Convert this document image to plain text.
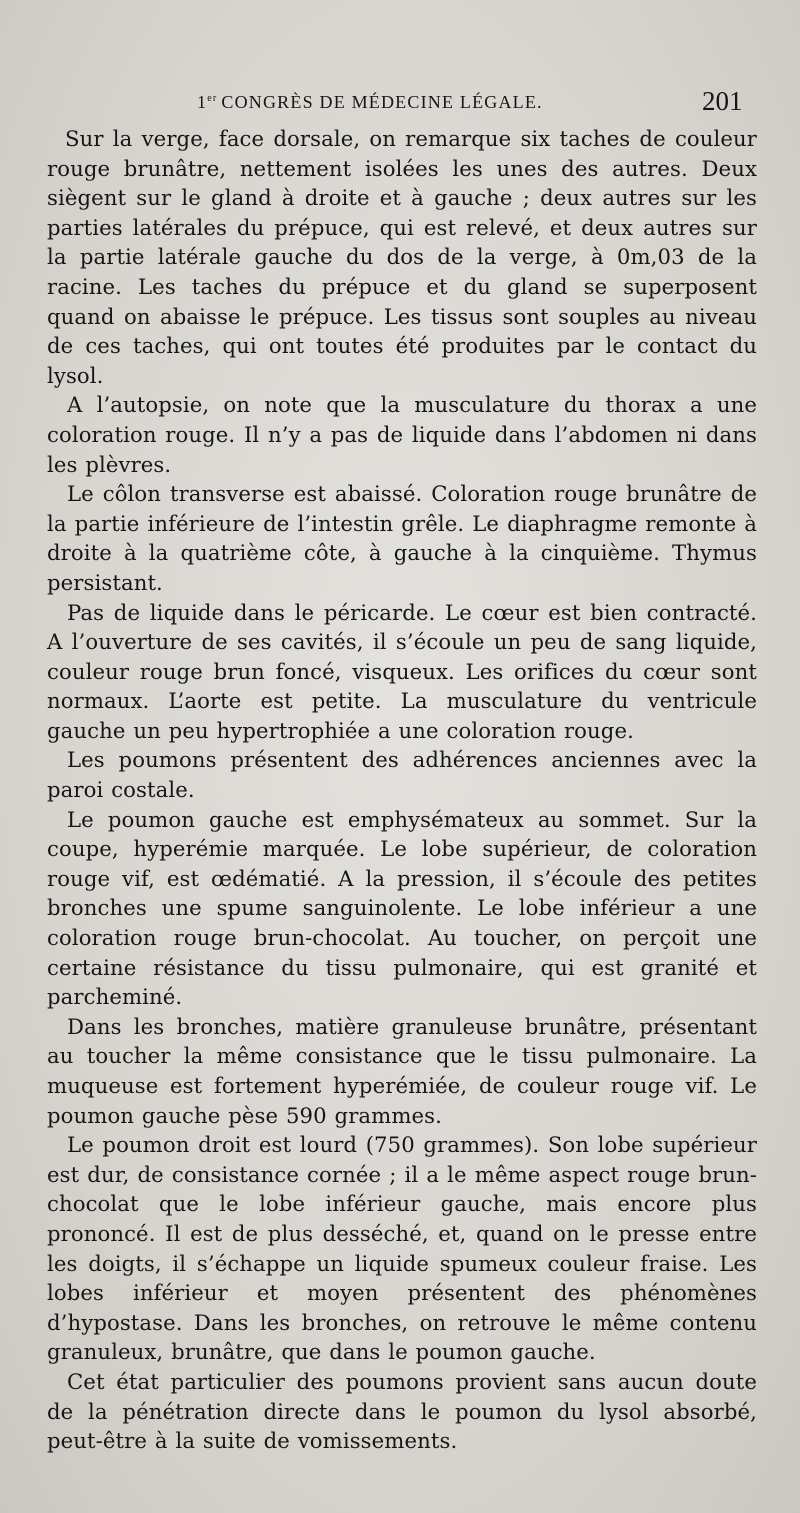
1er CONGRÈS DE MÉDECINE LÉGALE.	201

Sur la verge, face dorsale, on remarque six taches de couleur rouge brunâtre, nettement isolées les unes des autres. Deux siègent sur le gland à droite et à gauche ; deux autres sur les parties latérales du prépuce, qui est relevé, et deux autres sur la partie latérale gauche du dos de la verge, à 0m,03 de la racine. Les taches du prépuce et du gland se superposent quand on abaisse le prépuce. Les tissus sont souples au niveau de ces taches, qui ont toutes été produites par le contact du lysol.

A l’autopsie, on note que la musculature du thorax a une coloration rouge. Il n’y a pas de liquide dans l’abdomen ni dans les plèvres.

Le côlon transverse est abaissé. Coloration rouge brunâtre de la partie inférieure de l’intestin grêle. Le diaphragme remonte à droite à la quatrième côte, à gauche à la cinquième. Thymus persistant.

Pas de liquide dans le péricarde. Le cœur est bien contracté. A l’ouverture de ses cavités, il s’écoule un peu de sang liquide, couleur rouge brun foncé, visqueux. Les orifices du cœur sont normaux. L’aorte est petite. La musculature du ventricule gauche un peu hypertrophiée a une coloration rouge.

Les poumons présentent des adhérences anciennes avec la paroi costale.

Le poumon gauche est emphysémateux au sommet. Sur la coupe, hyperémie marquée. Le lobe supérieur, de coloration rouge vif, est œdématié. A la pression, il s’écoule des petites bronches une spume sanguinolente. Le lobe inférieur a une coloration rouge brun-chocolat. Au toucher, on perçoit une certaine résistance du tissu pulmonaire, qui est granité et parcheminé.

Dans les bronches, matière granuleuse brunâtre, présentant au toucher la même consistance que le tissu pulmonaire. La muqueuse est fortement hyperémiée, de couleur rouge vif. Le poumon gauche pèse 590 grammes.

Le poumon droit est lourd (750 grammes). Son lobe supérieur est dur, de consistance cornée ; il a le même aspect rouge brun-chocolat que le lobe inférieur gauche, mais encore plus prononcé. Il est de plus desséché, et, quand on le presse entre les doigts, il s’échappe un liquide spumeux couleur fraise. Les lobes inférieur et moyen présentent des phénomènes d’hypostase. Dans les bronches, on retrouve le même contenu granuleux, brunâtre, que dans le poumon gauche.

Cet état particulier des poumons provient sans aucun doute de la pénétration directe dans le poumon du lysol absorbé, peut-être à la suite de vomissements.
